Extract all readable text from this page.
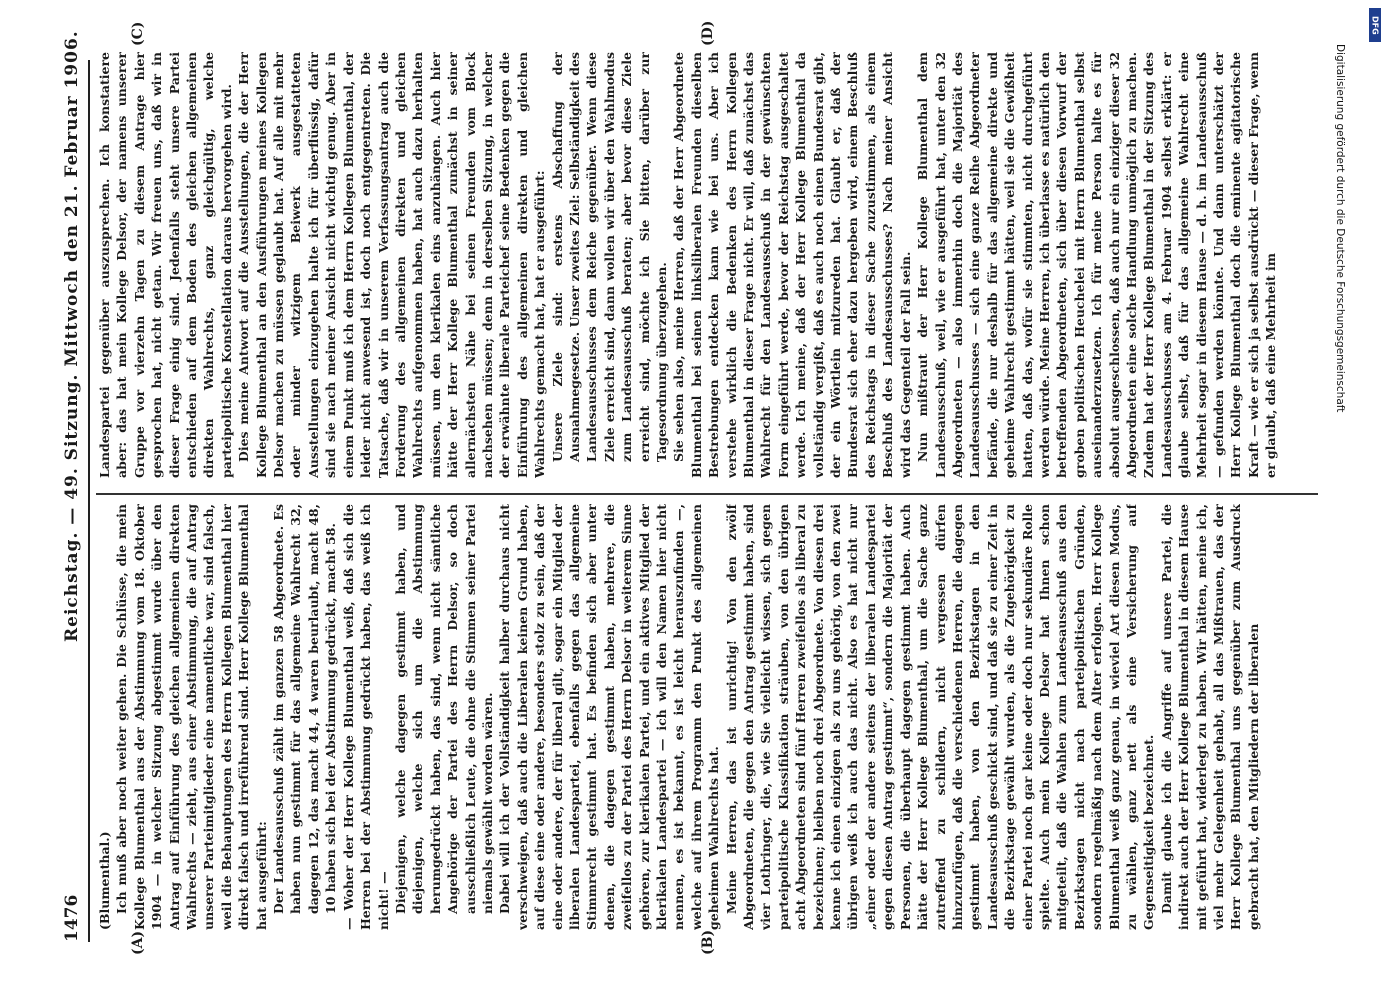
1476
Reichstag. — 49. Sitzung. Mittwoch den 21. Februar 1906.
(A)	(B)
(C)	(D)

(Blumenthal.) Ich muß aber noch weiter gehen. Die Schlüsse, die mein Kollege Blumenthal aus der Abstimmung vom 18. Oktober 1904 — in welcher Sitzung abgestimmt wurde über den Antrag auf Einführung des gleichen allgemeinen direkten Wahlrechts — zieht, aus einer Abstimmung, die auf Antrag unserer Parteimitglieder eine namentliche war, sind falsch, weil die Behauptungen des Herrn Kollegen Blumenthal hier direkt falsch und irreführend sind. Herr Kollege Blumenthal hat ausgeführt: Der Landesausschuß zählt im ganzen 58 Abgeordnete. Es haben nun gestimmt für das allgemeine Wahlrecht 32, dagegen 12, das macht 44, 4 waren beurlaubt, macht 48, 10 haben sich bei der Abstimmung gedrückt, macht 58. — Woher der Herr Kollege Blumenthal weiß, daß sich die Herren bei der Abstimmung gedrückt haben, das weiß ich nicht! — Diejenigen, welche dagegen gestimmt haben, und diejenigen, welche sich um die Abstimmung herumgedrückt haben, das sind, wenn nicht sämtliche Angehörige der Partei des Herrn Delsor, so doch ausschließlich Leute, die ohne die Stimmen seiner Partei niemals gewählt worden wären. Dabei will ich der Vollständigkeit halber durchaus nicht verschweigen, daß auch die Liberalen keinen Grund haben, auf diese eine oder andere, besonders stolz zu sein, daß der eine oder andere, der für liberal gilt, sogar ein Mitglied der liberalen Landespartei, ebenfalls gegen das allgemeine Stimmrecht gestimmt hat. Es befinden sich aber unter denen, die dagegen gestimmt haben, mehrere, die zweifellos zu der Partei des Herrn Delsor in weiterem Sinne gehören, zur klerikalen Partei, und ein aktives Mitglied der klerikalen Landespartei — ich will den Namen hier nicht nennen, es ist bekannt, es ist leicht herauszufinden —, welche auf ihrem Programm den Punkt des allgemeinen geheimen Wahlrechts hat. Meine Herren, das ist unrichtig! Von den zwölf Abgeordneten, die gegen den Antrag gestimmt haben, sind vier Lothringer, die, wie Sie vielleicht wissen, sich gegen parteipolitische Klassifikation sträuben, von den übrigen acht Abgeordneten sind fünf Herren zweifellos als liberal zu bezeichnen; bleiben noch drei Abgeordnete. Von diesen drei kenne ich einen einzigen als zu uns gehörig, von den zwei übrigen weiß ich auch das nicht. Also es hat nicht nur „einer oder der andere seitens der liberalen Landespartei gegen diesen Antrag gestimmt“, sondern die Majorität der Personen, die überhaupt dagegen gestimmt haben. Auch hätte der Herr Kollege Blumenthal, um die Sache ganz zutreffend zu schildern, nicht vergessen dürfen hinzuzufügen, daß die verschiedenen Herren, die dagegen gestimmt haben, von den Bezirkstagen in den Landesausschuß geschickt sind, und daß sie zu einer Zeit in die Bezirkstage gewählt wurden, als die Zugehörigkeit zu einer Partei noch gar keine oder doch nur sekundäre Rolle spielte. Auch mein Kollege Delsor hat Ihnen schon mitgeteilt, daß die Wahlen zum Landesausschuß aus den Bezirkstagen nicht nach parteipolitischen Gründen, sondern regelmäßig nach dem Alter erfolgen. Herr Kollege Blumenthal weiß ganz genau, in wieviel Art diesen Modus, zu wählen, ganz nett als eine Versicherung auf Gegenseitigkeit bezeichnet. Damit glaube ich die Angriffe auf unsere Partei, die indirekt auch der Herr Kollege Blumenthal in diesem Hause mit geführt hat, widerlegt zu haben. Wir hätten, meine ich, viel mehr Gelegenheit gehabt, all das Mißtrauen, das der Herr Kollege Blumenthal uns gegenüber zum Ausdruck gebracht hat, den Mitgliedern der liberalen

Landespartei gegenüber auszusprechen. Ich konstatiere aber: das hat mein Kollege Delsor, der namens unserer Gruppe vor vierzehn Tagen zu diesem Antrage hier gesprochen hat, nicht getan. Wir freuen uns, daß wir in dieser Frage einig sind. Jedenfalls steht unsere Partei entschieden auf dem Boden des gleichen allgemeinen direkten Wahlrechts, ganz gleichgültig, welche parteipolitische Konstellation daraus hervorgehen wird. Dies meine Antwort auf die Ausstellungen, die der Herr Kollege Blumenthal an den Ausführungen meines Kollegen Delsor machen zu müssen geglaubt hat. Auf alle mit mehr oder minder witzigem Beiwerk ausgestatteten Ausstellungen einzugehen halte ich für überflüssig, dafür sind sie nach meiner Ansicht nicht wichtig genug. Aber in einem Punkt muß ich dem Herrn Kollegen Blumenthal, der leider nicht anwesend ist, doch noch entgegentreten. Die Tatsache, daß wir in unserem Verfassungsantrag auch die Forderung des allgemeinen direkten und gleichen Wahlrechts aufgenommen haben, hat auch dazu herhalten müssen, um den klerikalen eins anzuhängen. Auch hier hätte der Herr Kollege Blumenthal zunächst in seiner allernächsten Nähe bei seinen Freunden vom Block nachsehen müssen; denn in derselben Sitzung, in welcher der erwähnte liberale Parteichef seine Bedenken gegen die Einführung des allgemeinen direkten und gleichen Wahlrechts gemacht hat, hat er ausgeführt: Unsere Ziele sind: erstens Abschaffung der Ausnahmegesetze. Unser zweites Ziel: Selbständigkeit des Landesausschusses dem Reiche gegenüber. Wenn diese Ziele erreicht sind, dann wollen wir über den Wahlmodus zum Landesausschuß beraten; aber bevor diese Ziele erreicht sind, möchte ich Sie bitten, darüber zur Tagesordnung überzugehen. Sie sehen also, meine Herren, daß der Herr Abgeordnete Blumenthal bei seinen linksliberalen Freunden dieselben Bestrebungen entdecken kann wie bei uns. Aber ich verstehe wirklich die Bedenken des Herrn Kollegen Blumenthal in dieser Frage nicht. Er will, daß zunächst das Wahlrecht für den Landesausschuß in der gewünschten Form eingeführt werde, bevor der Reichstag ausgeschaltet werde. Ich meine, daß der Herr Kollege Blumenthal da vollständig vergißt, daß es auch noch einen Bundesrat gibt, der ein Wörtlein mitzureden hat. Glaubt er, daß der Bundesrat sich eher dazu hergeben wird, einem Beschluß des Reichstags in dieser Sache zuzustimmen, als einem Beschluß des Landesausschusses? Nach meiner Ansicht wird das Gegenteil der Fall sein. Nun mißtraut der Herr Kollege Blumenthal dem Landesausschuß, weil, wie er ausgeführt hat, unter den 32 Abgeordneten — also immerhin doch die Majorität des Landesausschusses — sich eine ganze Reihe Abgeordneter befände, die nur deshalb für das allgemeine direkte und geheime Wahlrecht gestimmt hätten, weil sie die Gewißheit hatten, daß das, wofür sie stimmten, nicht durchgeführt werden würde. Meine Herren, ich überlasse es natürlich den betreffenden Abgeordneten, sich über diesen Vorwurf der groben politischen Heuchelei mit Herrn Blumenthal selbst auseinanderzusetzen. Ich für meine Person halte es für absolut ausgeschlossen, daß auch nur ein einziger dieser 32 Abgeordneten eine solche Handlung unmöglich zu machen. Zudem hat der Herr Kollege Blumenthal in der Sitzung des Landesausschusses am 4. Februar 1904 selbst erklärt: er glaube selbst, daß für das allgemeine Wahlrecht eine Mehrheit sogar in diesem Hause — d. h. im Landesausschuß — gefunden werden könnte. Und dann unterschätzt der Herr Kollege Blumenthal doch die eminente agitatorische Kraft — wie er sich ja selbst ausdrückt — dieser Frage, wenn er glaubt, daß eine Mehrheit im	Digitalisierung gefördert durch die Deutsche Forschungsgemeinschaft
DFG
